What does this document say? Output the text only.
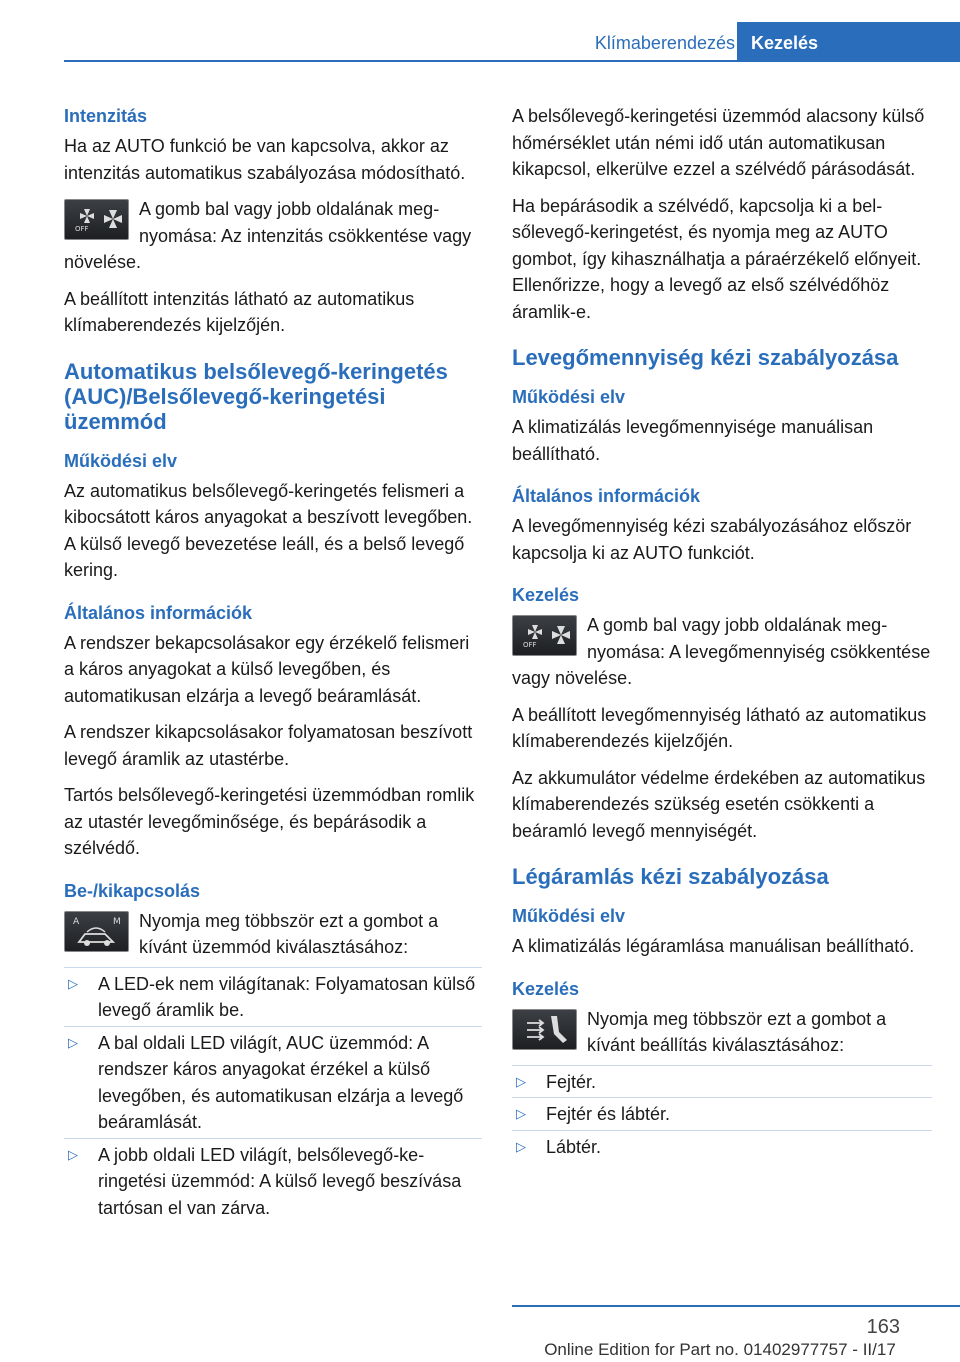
Klímaberendezés Kezelés
Intenzitás

Ha az AUTO funkció be van kapcsolva, akkor az intenzitás automatikus szabályozása módosítható.

OFF

A gomb bal vagy jobb oldalának megnyomása: Az intenzitás csökkentése vagy növelése.

A beállított intenzitás látható az automatikus klímaberendezés kijelzőjén.

Automatikus belsőlevegő-keringetés (AUC)/Belsőlevegő-keringetési üzemmód
Működési elv

Az automatikus belsőlevegő-keringetés felismeri a kibocsátott káros anyagokat a beszívott levegőben. A külső levegő bevezetése leáll, és a belső levegő kering.

Általános információk

A rendszer bekapcsolásakor egy érzékelő felismeri a káros anyagokat a külső levegőben, és automatikusan elzárja a levegő beáramlását.

A rendszer kikapcsolásakor folyamatosan beszívott levegő áramlik az utastérbe.

Tartós belsőlevegő-keringetési üzemmódban romlik az utastér levegőminősége, és bepárásodik a szélvédő.

Be-/kikapcsolás
A	M	Nyomja meg többször ezt a gombot a kívánt üzemmód kiválasztásához:

▷ A LED-ek nem világítanak: Folyamatosan külső levegő áramlik be.
▷ A bal oldali LED világít, AUC üzemmód: A rendszer káros anyagokat érzékel a külső levegőben, és automatikusan elzárja a levegő beáramlását.
▷ A jobb oldali LED világít, belsőlevegő-keringetési üzemmód: A külső levegő beszívása tartósan el van zárva.

A belsőlevegő-keringetési üzemmód alacsony külső hőmérséklet után némi idő után automatikusan kikapcsol, elkerülve ezzel a szélvédő párásodását.

Ha bepárásodik a szélvédő, kapcsolja ki a belsőlevegő-keringetést, és nyomja meg az AUTO gombot, így kihasználhatja a páraérzékelő előnyeit. Ellenőrizze, hogy a levegő az első szélvédőhöz áramlik-e.

Levegőmennyiség kézi szabályozása
Működési elv

A klimatizálás levegőmennyisége manuálisan beállítható.

Általános információk

A levegőmennyiség kézi szabályozásához először kapcsolja ki az AUTO funkciót.

Kezelés
OFF

A gomb bal vagy jobb oldalának megnyomása: A levegőmennyiség csökkentése vagy növelése.

A beállított levegőmennyiség látható az automatikus klímaberendezés kijelzőjén.

Az akkumulátor védelme érdekében az automatikus klímaberendezés szükség esetén csökkenti a beáramló levegő mennyiségét.

Légáramlás kézi szabályozása
Működési elv

A klimatizálás légáramlása manuálisan beállítható.

Kezelés

Nyomja meg többször ezt a gombot a kívánt beállítás kiválasztásához:

▷ Fejtér.
▷ Fejtér és lábtér.
▷ Lábtér.
163
Online Edition for Part no. 01402977757 - II/17
